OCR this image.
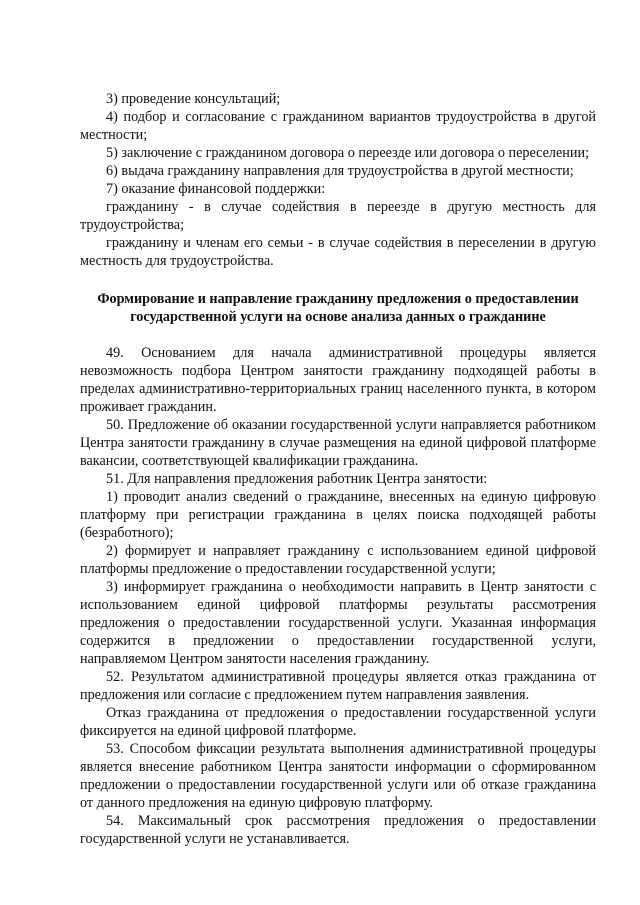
3) проведение консультаций;

4) подбор и согласование с гражданином вариантов трудоустройства в другой местности;

5) заключение с гражданином договора о переезде или договора о переселении;

6) выдача гражданину направления для трудоустройства в другой местности;

7) оказание финансовой поддержки:

гражданину - в случае содействия в переезде в другую местность для трудоустройства;

гражданину и членам его семьи - в случае содействия в переселении в другую местность для трудоустройства.

Формирование и направление гражданину предложения о предоставлении
государственной услуги на основе анализа данных о гражданине

49. Основанием для начала административной процедуры является невозможность подбора Центром занятости гражданину подходящей работы в пределах административно-территориальных границ населенного пункта, в котором проживает гражданин.

50. Предложение об оказании государственной услуги направляется работником Центра занятости гражданину в случае размещения на единой цифровой платформе вакансии, соответствующей квалификации гражданина.

51. Для направления предложения работник Центра занятости:

1) проводит анализ сведений о гражданине, внесенных на единую цифровую платформу при регистрации гражданина в целях поиска подходящей работы (безработного);

2) формирует и направляет гражданину с использованием единой цифровой платформы предложение о предоставлении государственной услуги;

3) информирует гражданина о необходимости направить в Центр занятости с использованием единой цифровой платформы результаты рассмотрения предложения о предоставлении государственной услуги. Указанная информация содержится в предложении о предоставлении государственной услуги, направляемом Центром занятости населения гражданину.

52. Результатом административной процедуры является отказ гражданина от предложения или согласие с предложением путем направления заявления.

Отказ гражданина от предложения о предоставлении государственной услуги фиксируется на единой цифровой платформе.

53. Способом фиксации результата выполнения административной процедуры является внесение работником Центра занятости информации о сформированном предложении о предоставлении государственной услуги или об отказе гражданина от данного предложения на единую цифровую платформу.

54. Максимальный срок рассмотрения предложения о предоставлении государственной услуги не устанавливается.
